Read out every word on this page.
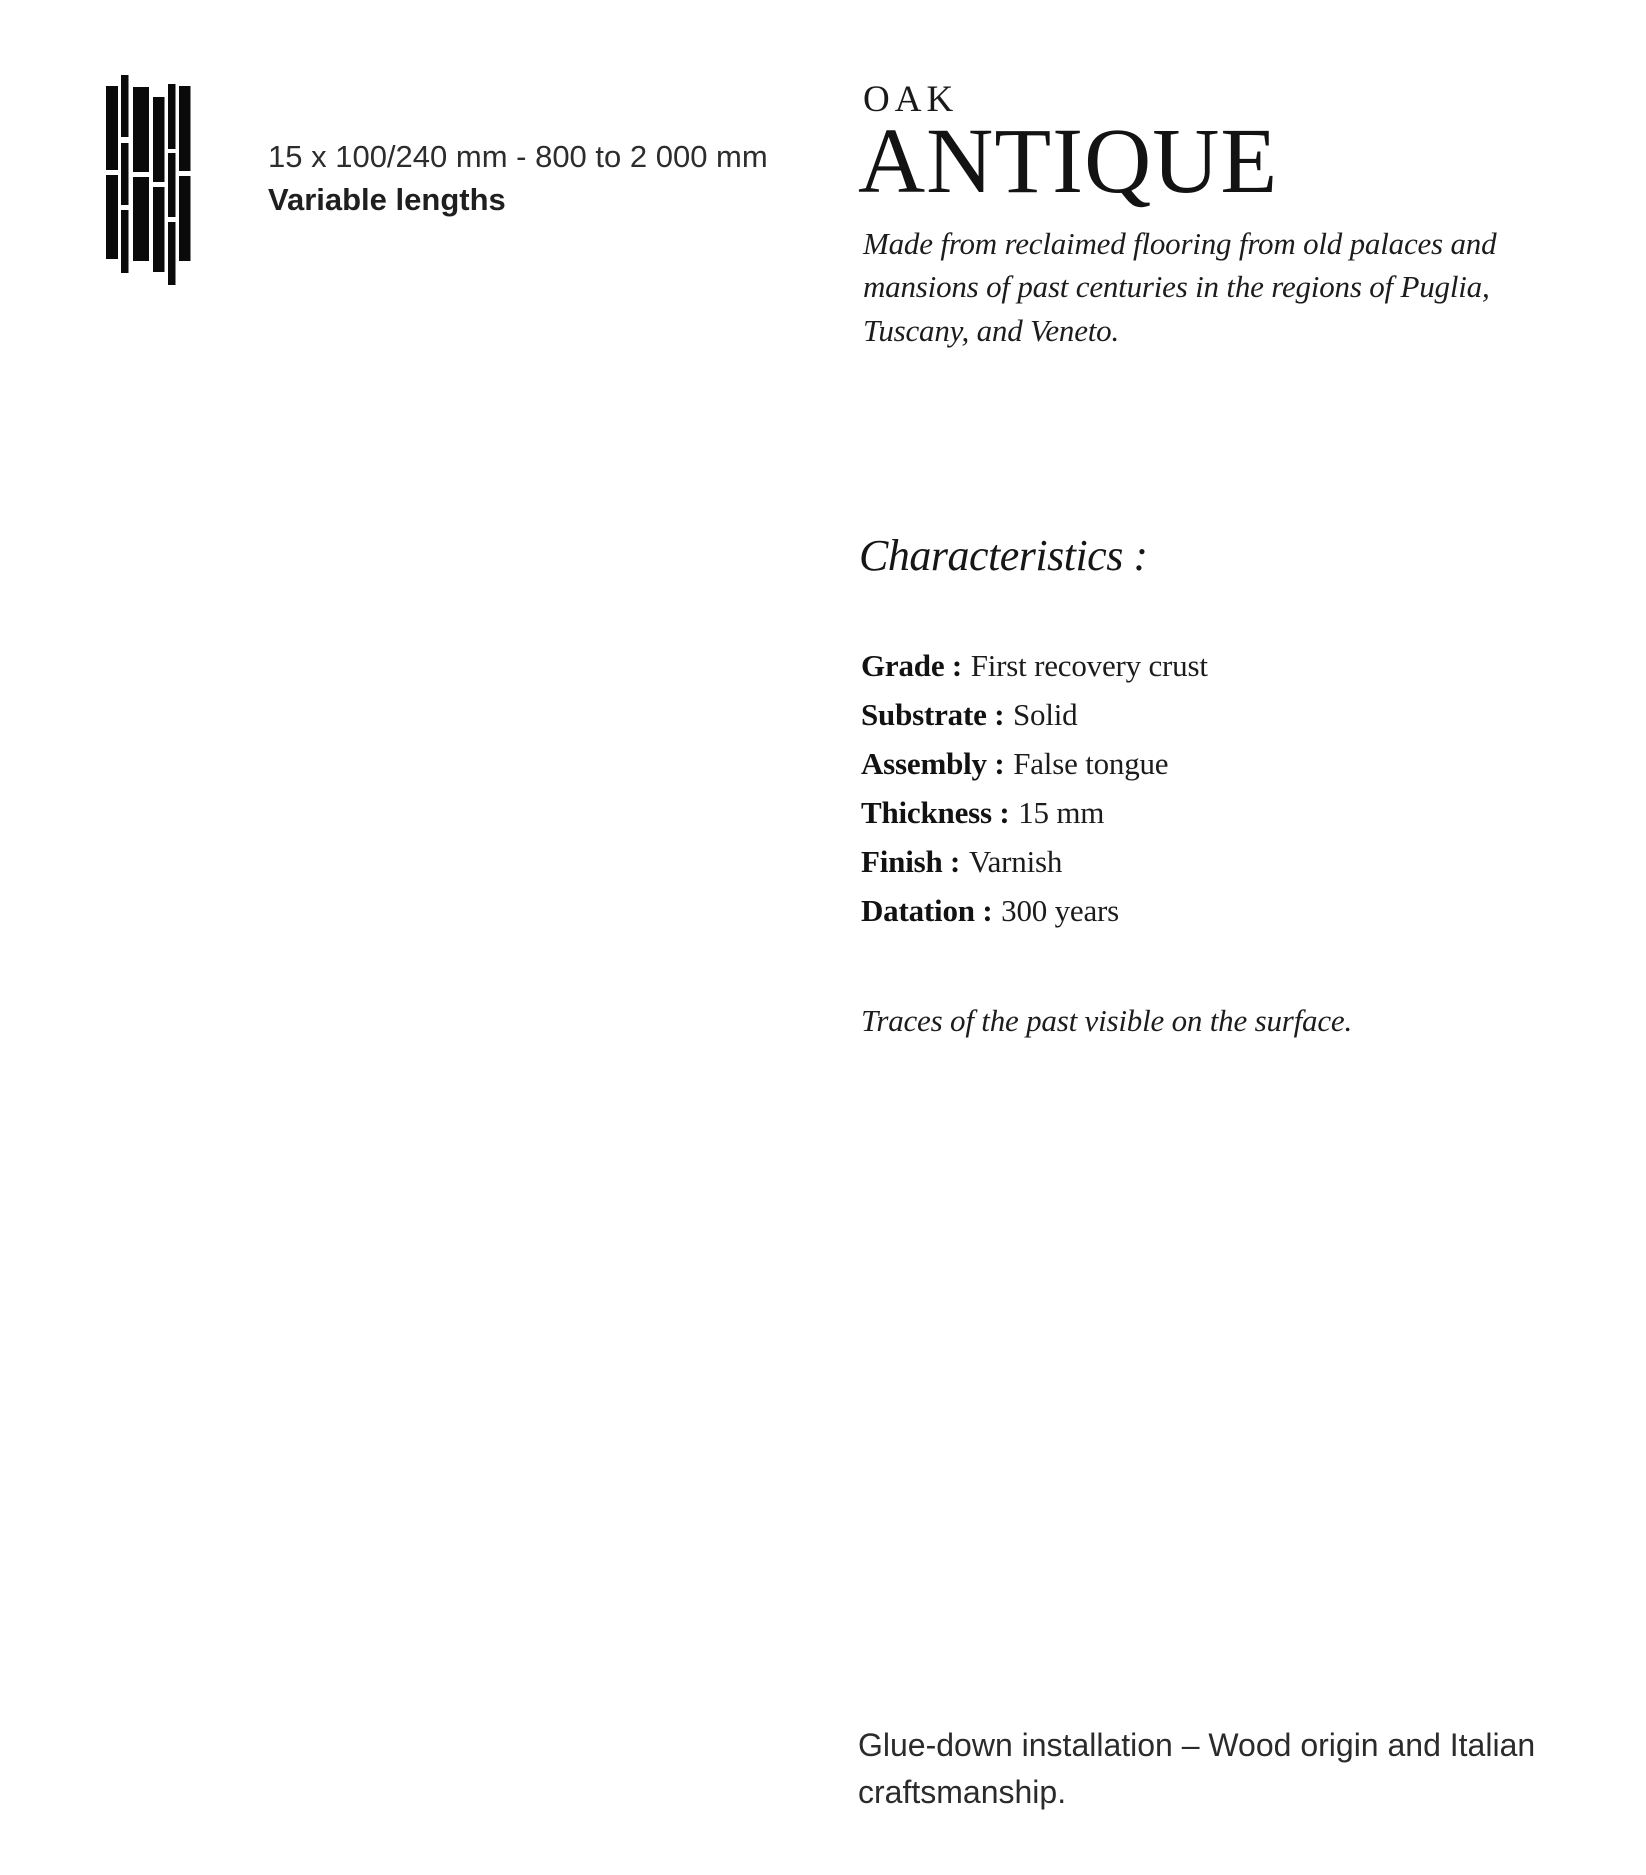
15 x 100/240 mm - 800 to 2 000 mm
Variable lengths
OAK
ANTIQUE
Made from reclaimed flooring from old palaces and
mansions of past centuries in the regions of Puglia,
Tuscany, and Veneto.
Characteristics :
Grade : First recovery crust
Substrate : Solid
Assembly : False tongue
Thickness : 15 mm
Finish : Varnish
Datation : 300 years
Traces of the past visible on the surface.
Glue-down installation – Wood origin and Italian
craftsmanship.
